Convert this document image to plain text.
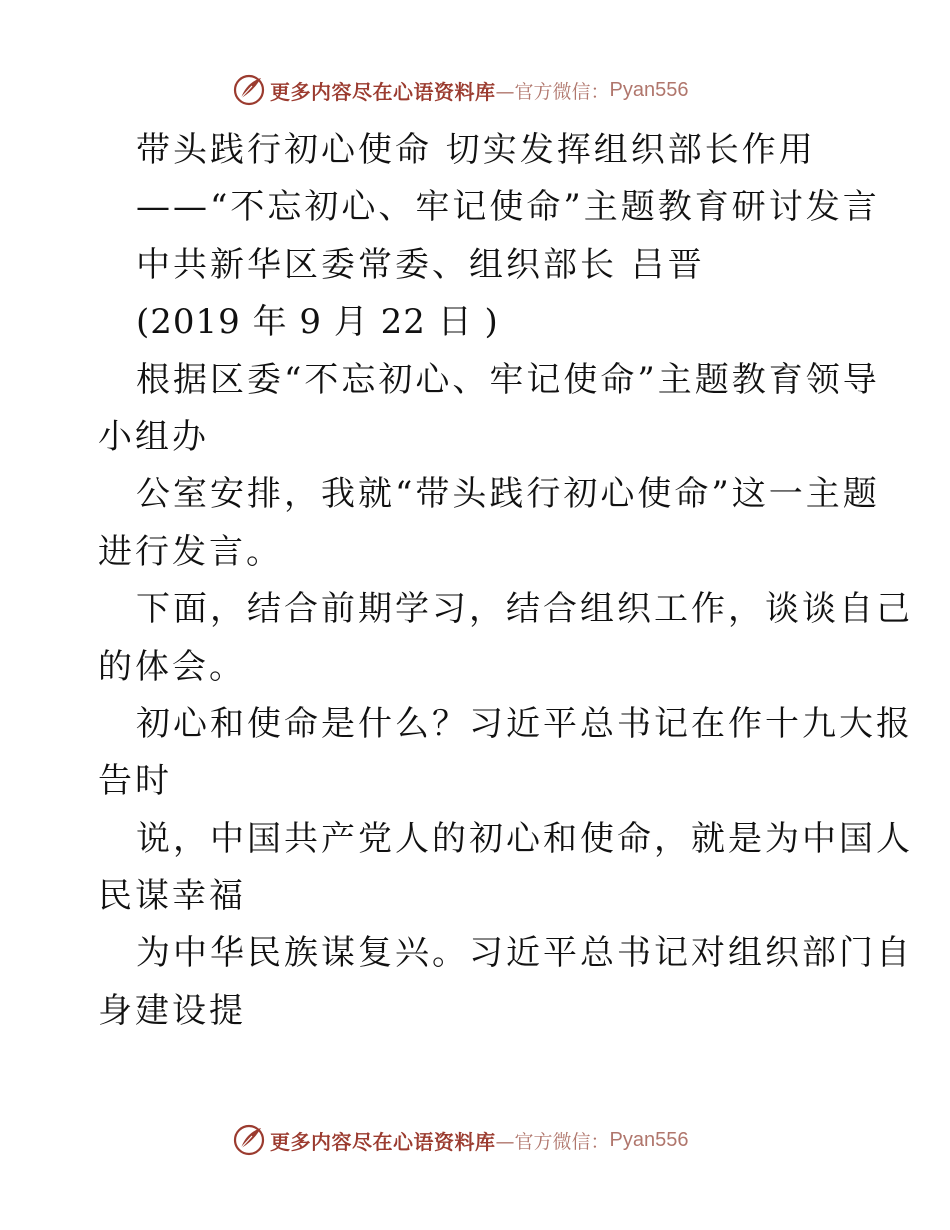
更多内容尽在心语资料库 —官方微信： Pyan556
带头践行初心使命 切实发挥组织部长作用
——“不忘初心、牢记使命”主题教育研讨发言
中共新华区委常委、组织部长 吕晋
(2019 年 9 月 22 日 )
根据区委“不忘初心、牢记使命”主题教育领导
小组办
公室安排，我就“带头践行初心使命”这一主题
进行发言。
下面，结合前期学习，结合组织工作，谈谈自己
的体会。
初心和使命是什么？习近平总书记在作十九大报
告时
说，中国共产党人的初心和使命，就是为中国人
民谋幸福
为中华民族谋复兴。习近平总书记对组织部门自
身建设提
更多内容尽在心语资料库 —官方微信： Pyan556
